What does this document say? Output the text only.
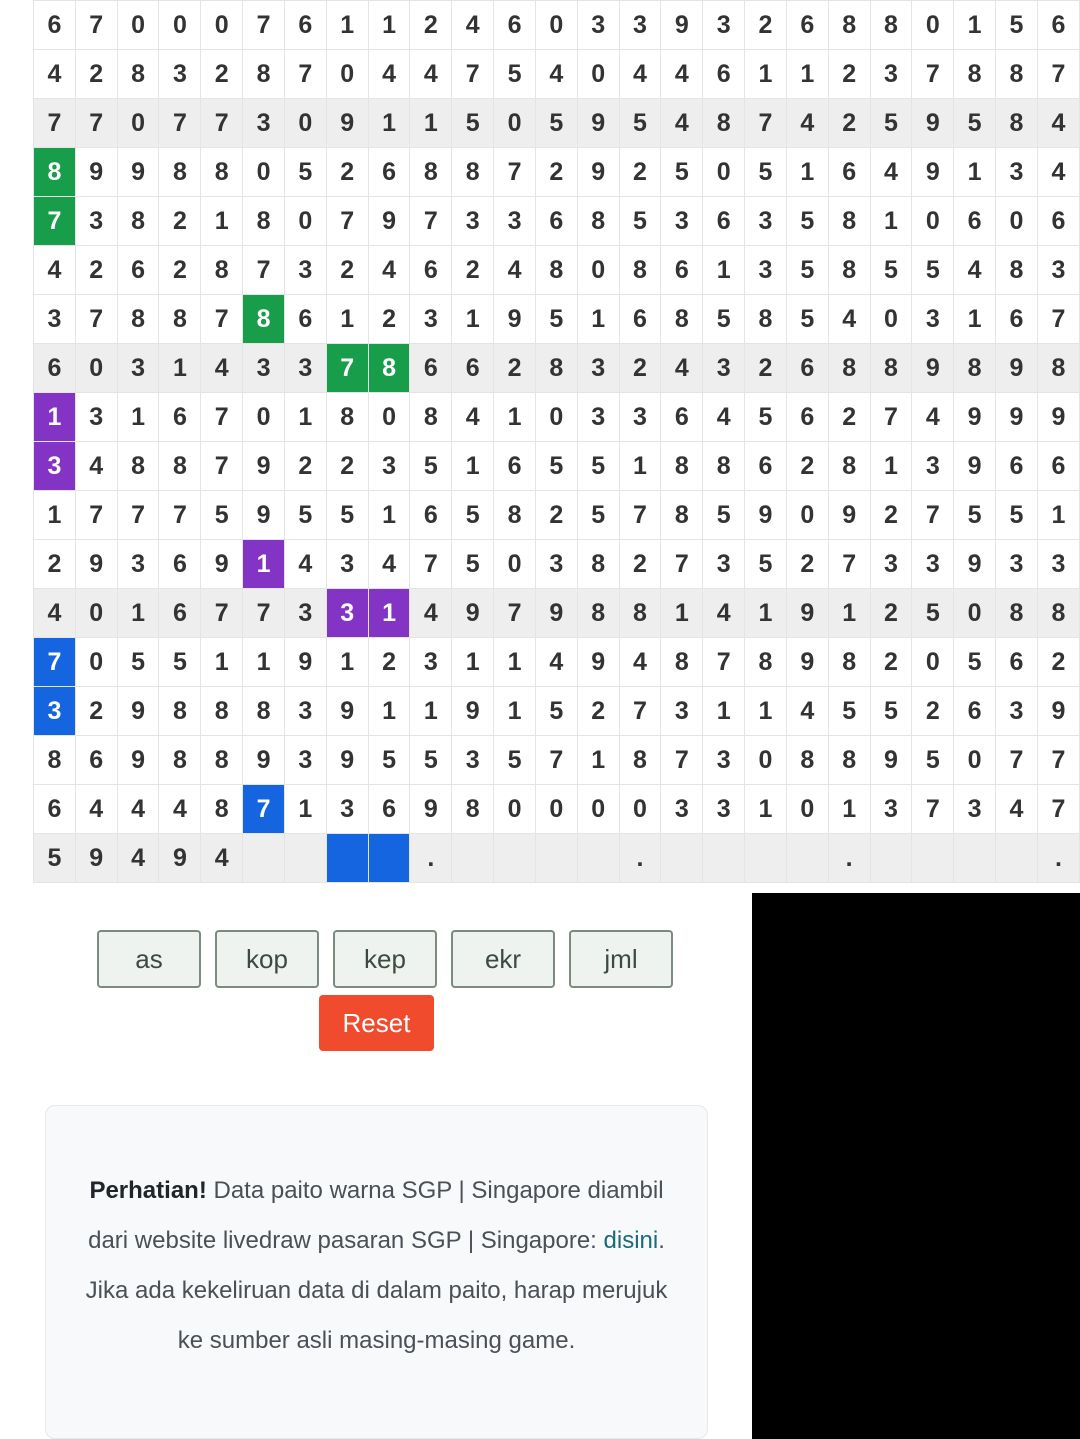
6	7	0	0	0	7	6	1	1	2	4	6	0	3	3	9	3	2	6	8	8	0	1	5	6
4	2	8	3	2	8	7	0	4	4	7	5	4	0	4	4	6	1	1	2	3	7	8	8	7
7	7	0	7	7	3	0	9	1	1	5	0	5	9	5	4	8	7	4	2	5	9	5	8	4
8	9	9	8	8	0	5	2	6	8	8	7	2	9	2	5	0	5	1	6	4	9	1	3	4
7	3	8	2	1	8	0	7	9	7	3	3	6	8	5	3	6	3	5	8	1	0	6	0	6
4	2	6	2	8	7	3	2	4	6	2	4	8	0	8	6	1	3	5	8	5	5	4	8	3
3	7	8	8	7	8	6	1	2	3	1	9	5	1	6	8	5	8	5	4	0	3	1	6	7
6	0	3	1	4	3	3	7	8	6	6	2	8	3	2	4	3	2	6	8	8	9	8	9	8
1	3	1	6	7	0	1	8	0	8	4	1	0	3	3	6	4	5	6	2	7	4	9	9	9
3	4	8	8	7	9	2	2	3	5	1	6	5	5	1	8	8	6	2	8	1	3	9	6	6
1	7	7	7	5	9	5	5	1	6	5	8	2	5	7	8	5	9	0	9	2	7	5	5	1
2	9	3	6	9	1	4	3	4	7	5	0	3	8	2	7	3	5	2	7	3	3	9	3	3
4	0	1	6	7	7	3	3	1	4	9	7	9	8	8	1	4	1	9	1	2	5	0	8	8
7	0	5	5	1	1	9	1	2	3	1	1	4	9	4	8	7	8	9	8	2	0	5	6	2
3	2	9	8	8	8	3	9	1	1	9	1	5	2	7	3	1	1	4	5	5	2	6	3	9
8	6	9	8	8	9	3	9	5	5	3	5	7	1	8	7	3	0	8	8	9	5	0	7	7
6	4	4	4	8	7	1	3	6	9	8	0	0	0	0	3	3	1	0	1	3	7	3	4	7
5	9	4	9	4					.					.					.					.
as	kop	kep	ekr	jml
Reset
Perhatian! Data paito warna SGP | Singapore diambil dari website livedraw pasaran SGP | Singapore: disini. Jika ada kekeliruan data di dalam paito, harap merujuk ke sumber asli masing-masing game.
